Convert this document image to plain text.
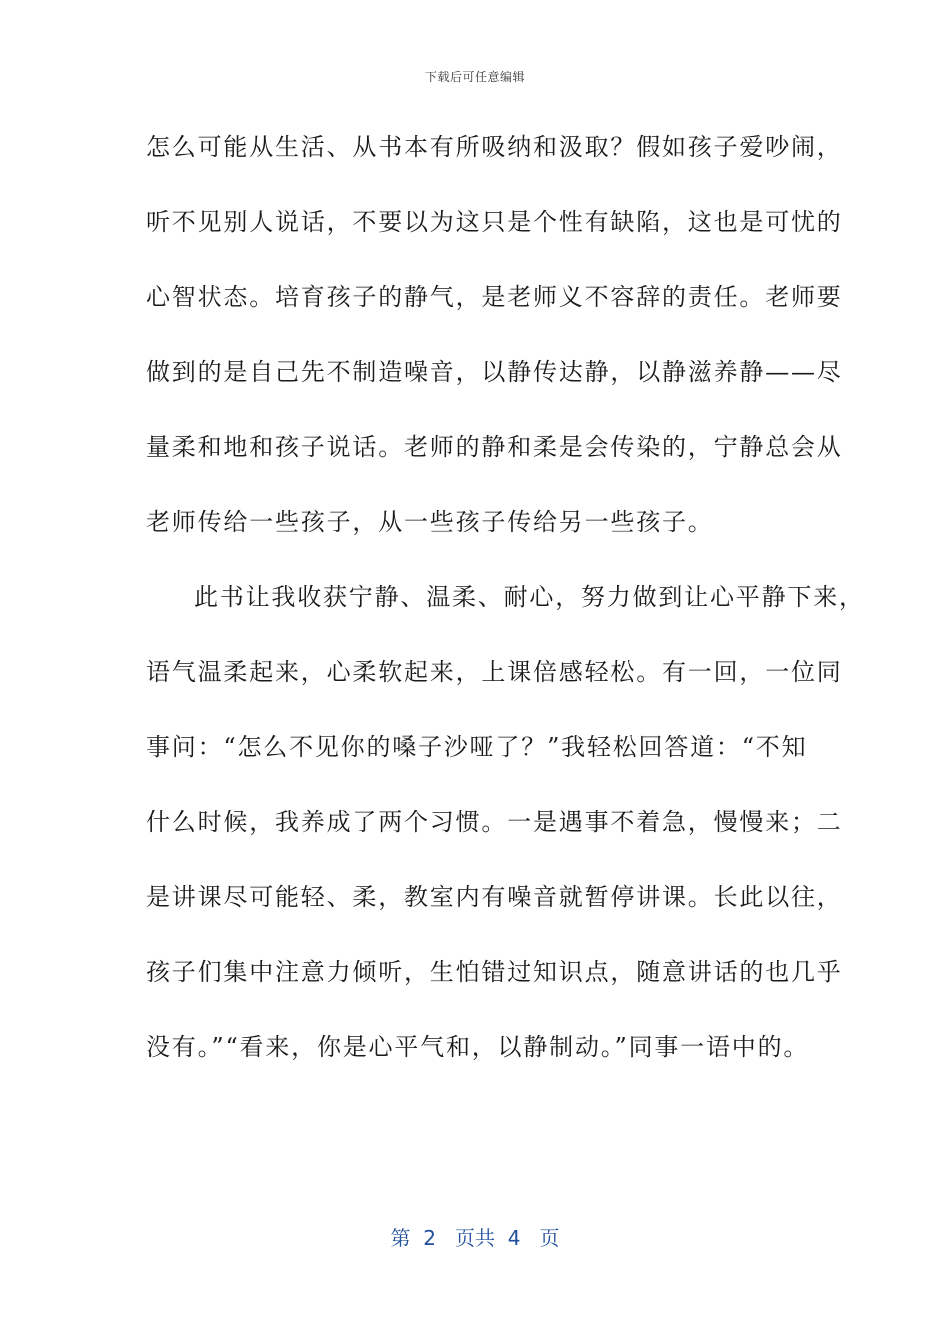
下载后可任意编辑
怎么可能从生活、从书本有所吸纳和汲取？假如孩子爱吵闹，
听不见别人说话，不要以为这只是个性有缺陷，这也是可忧的
心智状态。培育孩子的静气，是老师义不容辞的责任。老师要
做到的是自己先不制造噪音，以静传达静，以静滋养静——尽
量柔和地和孩子说话。老师的静和柔是会传染的，宁静总会从
老师传给一些孩子，从一些孩子传给另一些孩子。
此书让我收获宁静、温柔、耐心，努力做到让心平静下来，
语气温柔起来，心柔软起来，上课倍感轻松。有一回，一位同
事问：“怎么不见你的嗓子沙哑了？”我轻松回答道：“不知
什么时候，我养成了两个习惯。一是遇事不着急，慢慢来；二
是讲课尽可能轻、柔，教室内有噪音就暂停讲课。长此以往，
孩子们集中注意力倾听，生怕错过知识点，随意讲话的也几乎
没有。”“看来，你是心平气和，以静制动。”同事一语中的。
第  2   页共  4   页
